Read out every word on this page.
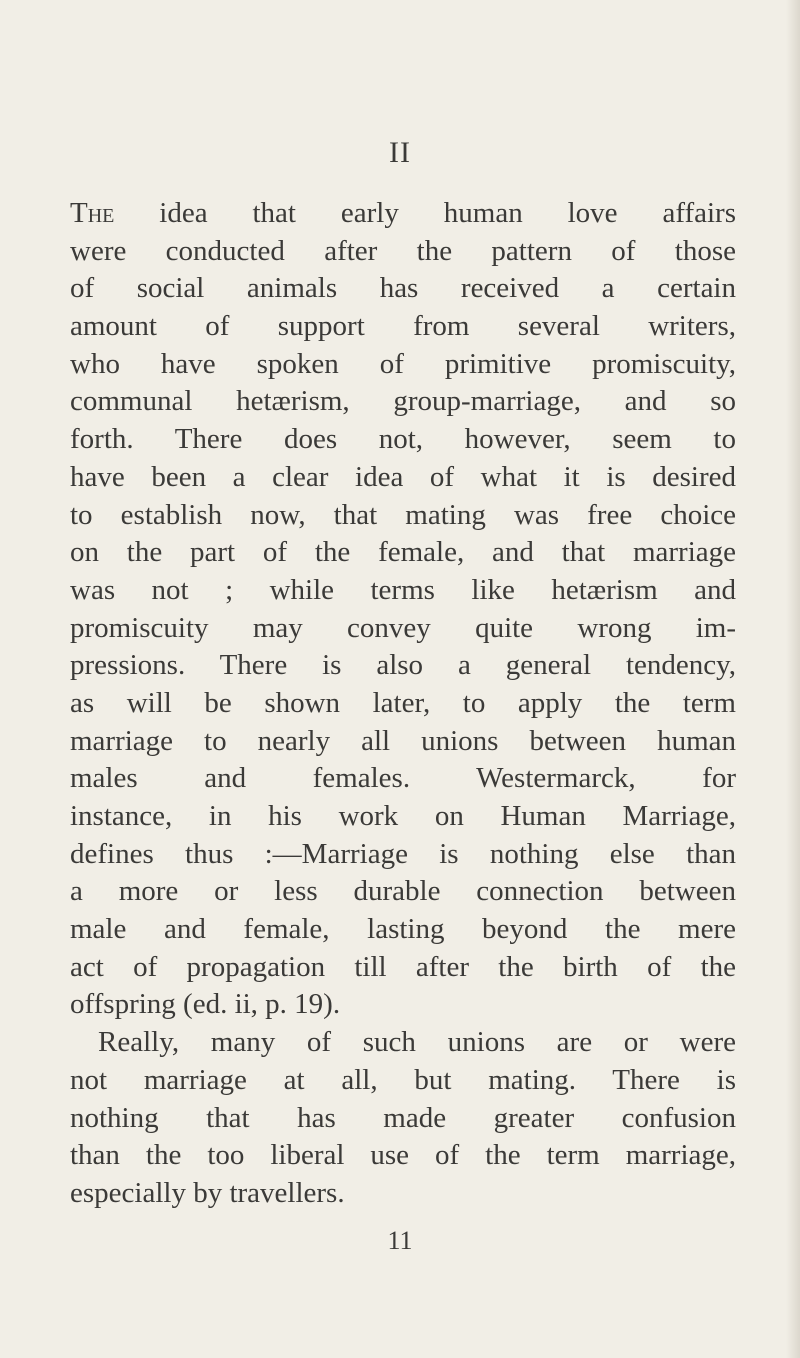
II
The idea that early human love affairs
were conducted after the pattern of those
of social animals has received a certain
amount of support from several writers,
who have spoken of primitive promiscuity,
communal hetærism, group-marriage, and so
forth. There does not, however, seem to
have been a clear idea of what it is desired
to establish now, that mating was free choice
on the part of the female, and that marriage
was not ; while terms like hetærism and
promiscuity may convey quite wrong im-
pressions. There is also a general tendency,
as will be shown later, to apply the term
marriage to nearly all unions between human
males and females. Westermarck, for
instance, in his work on Human Marriage,
defines thus :—Marriage is nothing else than
a more or less durable connection between
male and female, lasting beyond the mere
act of propagation till after the birth of the
offspring (ed. ii, p. 19).
Really, many of such unions are or were
not marriage at all, but mating. There is
nothing that has made greater confusion
than the too liberal use of the term marriage,
especially by travellers.
11
